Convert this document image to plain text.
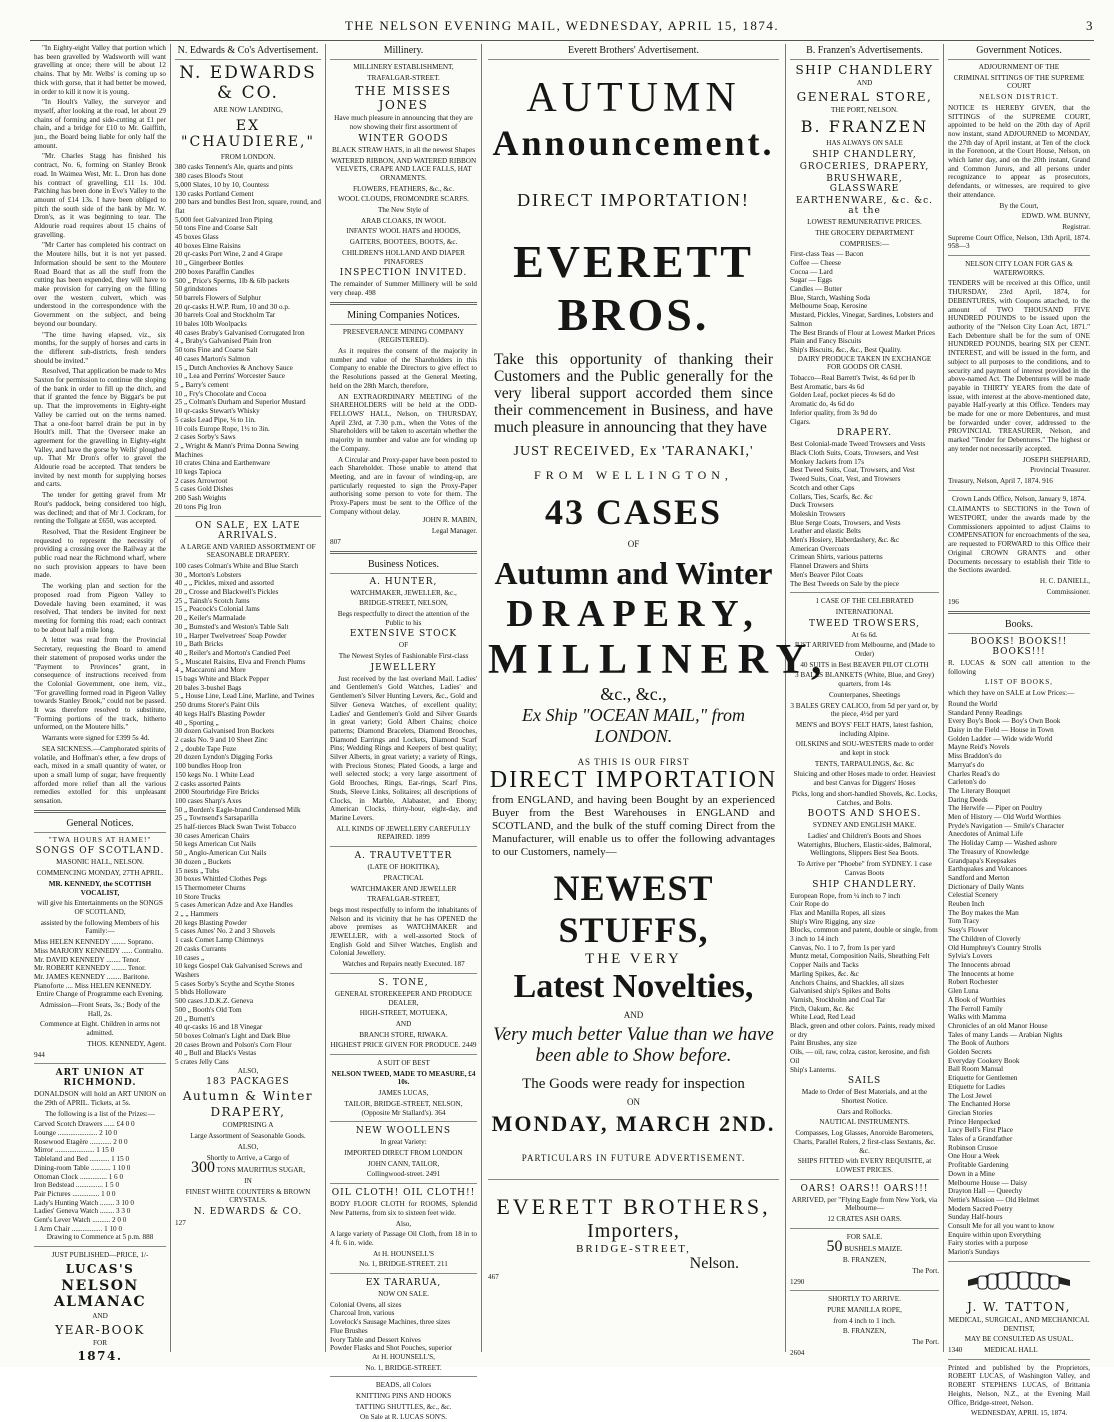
THE NELSON EVENING MAIL, WEDNESDAY, APRIL 15, 1874.	3
"In Eighty-eight Valley that portion which has been gravelled by Wadsworth will want gravelling at once; there will be about 12 chains. That by Mr. Welbs' is coming up so thick with gorse, that it had better be mowed, in order to kill it now it is young.
"In Hoult's Valley, the surveyor and myself, after looking at the road, let about 29 chains of forming and side-cutting at £1 per chain, and a bridge for £10 to Mr. Gaiffith, jun., the Board being liable for only half the amount.
"Mr. Charles Stagg has finished his contract, No. 6, forming on Stanley Brook road. In Waimea West, Mr. L. Dron has done his contract of gravelling, £11 1s. 10d. Patching has been done in Eve's Valley to the amount of £14 13s. I have been obliged to pitch the south side of the bank by Mr. W. Dron's, as it was beginning to tear. The Aldourie road requires about 15 chains of gravelling.
"Mr Carter has completed his contract on the Moutere hills, but it is not yet passed. Information should be sent to the Moutere Road Board that as all the stuff from the cutting has been expended, they will have to make provision for carrying on the filling over the western culvert, which was understood in the correspondence with the Government on the subject, and being beyond our boundary.
"The time having elapsed, viz., six months, for the supply of horses and carts in the different sub-districts, fresh tenders should be invited."
Resolved, That application be made to Mrs Saxton for permission to continue the sloping of the bank in order to fill up the ditch, and that if granted the fence by Biggar's be put up. That the improvements in Eighty-eight Valley be carried out on the terms named. That a one-foot barrel drain be put in by Hoult's mill. That the Overseer make an agreement for the gravelling in Eighty-eight Valley, and have the gorse by Wells' ploughed up. That Mr Dron's offer to gravel the Aldourie road be accepted. That tenders be invited by next month for supplying horses and carts.
The tender for getting gravel from Mr Rout's paddock, being considered too high, was declined; and that of Mr J. Cockram, for renting the Tollgate at £650, was accepted.
Resolved, That the Resident Engineer be requested to represent the necessity of providing a crossing over the Railway at the public road near the Richmond wharf, where no such provision appears to have been made.
The working plan and section for the proposed road from Pigeon Valley to Dovedale having been examined, it was resolved, That tenders be invited for next meeting for forming this road; each contract to be about half a mile long.
A letter was read from the Provincial Secretary, requesting the Board to amend their statement of proposed works under the "Payment to Provinces" grant, in consequence of instructions received from the Colonial Government, one item, viz., "For gravelling formed road in Pigeon Valley towards Stanley Brook," could not be passed. It was therefore resolved to substitute, "Forming portions of the track, hitherto unformed, on the Moutere hills."
Warrants were signed for £399 5s 4d.
SEA SICKNESS.—Camphorated spirits of volatile, and Hoffman's ether, a few drops of each, mixed in a small quantity of water, or upon a small lump of sugar, have frequently afforded more relief than all the various remedies extolled for this unpleasant sensation.
General Notices.
"TWA HOURS AT HAME!"
SONGS OF SCOTLAND.
MASONIC HALL, NELSON.
COMMENCING MONDAY, 27TH APRIL.
MR. KENNEDY, the SCOTTISH VOCALIST,
will give his Entertainments on the SONGS OF SCOTLAND,
assisted by the following Members of his Family:—
Miss HELEN KENNEDY ........ Soprano.
Miss MARJORY KENNEDY ...... Contralto.
Mr. DAVID KENNEDY ........ Tenor.
Mr. ROBERT KENNEDY ........ Tenor.
Mr. JAMES KENNEDY ........ Baritone.
Pianoforte .... Miss HELEN KENNEDY.
Entire Change of Programme each Evening.
Admission—Front Seats, 3s.; Body of the Hall, 2s.
Commence at Eight. Children in arms not admitted.
THOS. KENNEDY, Agent.
944
ART UNION AT RICHMOND.
DONALDSON will hold an ART UNION on the 29th of APRIL. Tickets, at 5s.
The following is a list of the Prizes:—
Carved Scotch Drawers ...... £4 0 0
Lounge ...................... 2 10 0
Rosewood Etagère ............ 2 0 0
Mirror ...................... 1 15 0
Tableland and Bed ........... 1 15 0
Dining-room Table ........... 1 10 0
Ottoman Clock ............... 1 6 0
Iron Bedstead ............... 1 5 0
Pair Pictures ............... 1 0 0
Lady's Hunting Watch ........ 3 10 0
Ladies' Geneva Watch ........ 3 3 0
Gent's Lever Watch .......... 2 0 0
1 Arm Chair ................. 1 10 0
Drawing to Commence at 5 p.m. 888
JUST PUBLISHED—PRICE, 1/-
LUCAS'S
NELSON ALMANAC
AND
YEAR-BOOK
FOR
1874.
N. Edwards & Co's Advertisement.
N. EDWARDS & CO.
ARE NOW LANDING,
EX "CHAUDIERE,"
FROM LONDON.
380 casks Tennent's Ale, quarts and pints
380 cases Blood's Stout
5,000 Slates, 10 by 10, Countess
130 casks Portland Cement
200 bars and bundles Best Iron, square, round, and flat
5,000 feet Galvanized Iron Piping
50 tons Fine and Coarse Salt
45 boxes Glass
40 boxes Elme Raisins
20 qr-casks Port Wine, 2 and 4 Grape
10 „ Gingerbeer Bottles
200 boxes Paraffin Candles
500 „ Price's Sperms, 1lb & 6lb packets
50 grindstones
50 barrels Flowers of Sulphur
20 qr-casks H.W.P. Rum, 10 and 30 o.p.
30 barrels Coal and Stockholm Tar
10 bales 10lb Woolpacks
40 cases Braby's Galvanised Corrugated Iron
4 „ Braby's Galvanised Plain Iron
50 tons Fine and Coarse Salt
40 cases Marton's Salmon
15 „ Dutch Anchovies & Anchovy Sauce
10 „ Lea and Perrins' Worcester Sauce
5 „ Barry's cement
10 „ Fry's Chocolate and Cocoa
25 „ Colman's Durham and Superior Mustard
10 qr-casks Stewart's Whisky
5 casks Lead Pipe, ⅛ to 1in.
10 coils Europe Rope, 1½ to 3in.
2 cases Sorby's Saws
2 „ Wright & Mann's Prima Donna Sewing Machines
10 crates China and Earthenware
10 kegs Tapioca
2 cases Arrowroot
5 cases Gold Dishes
200 Sash Weights
20 tons Pig Iron
ON SALE, EX LATE ARRIVALS.
A LARGE AND VARIED ASSORTMENT OF SEASONABLE DRAPERY.
100 cases Colman's White and Blue Starch
30 „ Morton's Lobsters
40 „ „ Pickles, mixed and assorted
20 „ Crosse and Blackwell's Pickles
25 „ Tainsh's Scotch Jams
15 „ Peacock's Colonial Jams
20 „ Keiler's Marmalade
30 „ Bumsted's and Weston's Table Salt
10 „ Harper Twelvetrees' Soap Powder
10 „ Bath Bricks
40 „ Reiler's and Morton's Candied Peel
5 „ Muscatel Raisins, Elva and French Plums
4 „ Maccaroni and More
15 bags White and Black Pepper
20 bales 3-bushel Bags
5 „ House Line, Lead Line, Marline, and Twines
250 drums Storer's Paint Oils
40 kegs Hall's Blasting Powder
40 „ Sporting „
30 dozen Galvanised Iron Buckets
2 casks No. 9 and 10 Sheet Zinc
2 „ double Tape Fuze
20 dozen Lyndon's Digging Forks
100 bundles Hoop Iron
150 kegs No. 1 White Lead
2 casks assorted Paints
2000 Stourbridge Fire Bricks
100 cases Sharp's Axes
50 „ Borden's Eagle-brand Condensed Milk
25 „ Townsend's Sarsaparilla
25 half-tierces Black Swan Twist Tobacco
30 cases American Chairs
50 kegs American Cut Nails
50 „ Anglo-American Cut Nails
30 dozen „ Buckets
15 nests „ Tubs
30 boxes Whittled Clothes Pegs
15 Thermometer Churns
10 Store Trucks
5 cases American Adze and Axe Handles
2 „ „ Hammers
20 kegs Blasting Powder
5 cases Ames' No. 2 and 3 Shovels
1 cask Comet Lamp Chimneys
20 casks Currants
10 cases „
10 kegs Gospel Oak Galvanised Screws and Washers
5 cases Sorby's Scythe and Scythe Stones
5 bhds Holloware
500 cases J.D.K.Z. Geneva
500 „ Booth's Old Tom
20 „ Burnett's
40 qr-casks 16 and 18 Vinegar
50 boxes Colman's Light and Dark Blue
20 cases Brown and Polson's Corn Flour
40 „ Bull and Black's Vestas
5 crates Jelly Cans
ALSO,
183 PACKAGES
Autumn & Winter
DRAPERY,
COMPRISING A
Large Assortment of Seasonable Goods.
ALSO,
Shortly to Arrive, a Cargo of
300 TONS MAURITIUS SUGAR,
IN
FINEST WHITE COUNTERS & BROWN CRYSTALS.
N. EDWARDS & CO.
127
Millinery.
MILLINERY ESTABLISHMENT,
TRAFALGAR-STREET.
THE MISSES JONES
Have much pleasure in announcing that they are now showing their first assortment of
WINTER GOODS
BLACK STRAW HATS, in all the newest Shapes
WATERED RIBBON, AND WATERED RIBBON VELVETS, CRAPE AND LACE FALLS, HAT ORNAMENTS.
FLOWERS, FEATHERS, &c., &c.
WOOL CLOUDS, FROMONDRE SCARFS.
The New Style of
ARAB CLOAKS, IN WOOL
INFANTS' WOOL HATS and HOODS,
GAITERS, BOOTEES, BOOTS, &c.
CHILDREN'S HOLLAND AND DIAPER PINAFORES
INSPECTION INVITED.
The remainder of Summer Millinery will be sold very cheap. 498
Mining Companies Notices.
PRESEVERANCE MINING COMPANY (REGISTERED).
As it requires the consent of the majority in number and value of the Shareholders in this Company to enable the Directors to give effect to the Resolutions passed at the General Meeting, held on the 28th March, therefore,
AN EXTRAORDINARY MEETING of the SHAREHOLDERS will be held at the ODD-FELLOWS' HALL, Nelson, on THURSDAY, April 23rd, at 7.30 p.m., when the Votes of the Shareholders will be taken to ascertain whether the majority in number and value are for winding up the Company.
A Circular and Proxy-paper have been posted to each Shareholder. Those unable to attend that Meeting, and are in favour of winding-up, are particularly requested to sign the Proxy-Paper authorising some person to vote for them. The Proxy-Papers must be sent to the Office of the Company without delay.
JOHN R. MABIN,
Legal Manager.
807
Business Notices.
A. HUNTER,
WATCHMAKER, JEWELLER, &c.,
BRIDGE-STREET, NELSON,
Begs respectfully to direct the attention of the Public to his
EXTENSIVE STOCK
OF
The Newest Styles of Fashionable First-class
JEWELLERY
Just received by the last overland Mail. Ladies' and Gentlemen's Gold Watches, Ladies' and Gentlemen's Silver Hunting Levers, &c., Gold and Silver Geneva Watches, of excellent quality; Ladies' and Gentlemen's Gold and Silver Guards in great variety; Gold Albert Chains; choice patterns; Diamond Bracelets, Diamond Brooches, Diamond Earrings and Lockets, Diamond Scarf Pins; Wedding Rings and Keepers of best quality; Silver Alberts, in great variety; a variety of Rings, with Precious Stones; Plated Goods, a large and well selected stock; a very large assortment of Gold Brooches, Rings, Ear-rings, Scarf Pins, Studs, Sleeve Links, Solitaires; all descriptions of Clocks, in Marble, Alabaster, and Ebony; American Clocks, thirty-hour, eight-day, and Marine Levers.
ALL KINDS OF JEWELLERY CAREFULLY REPAIRED. 1899
A. TRAUTVETTER
(LATE OF HOKITIKA),
PRACTICAL
WATCHMAKER AND JEWELLER
TRAFALGAR-STREET,
begs most respectfully to inform the inhabitants of Nelson and its vicinity that he has OPENED the above premises as WATCHMAKER and JEWELLER, with a well-assorted Stock of English Gold and Silver Watches, English and Colonial Jewellery.
Watches and Repairs neatly Executed. 187
S. TONE,
GENERAL STOREKEEPER AND PRODUCE DEALER,
HIGH-STREET, MOTUEKA,
AND
BRANCH STORE, RIWAKA.
HIGHEST PRICE GIVEN FOR PRODUCE. 2449
A SUIT OF BEST
NELSON TWEED, MADE TO MEASURE, £4 10s.
JAMES LUCAS,
TAILOR, BRIDGE-STREET, NELSON, (Opposite Mr Stallard's). 364
NEW WOOLLENS
In great Variety:
IMPORTED DIRECT FROM LONDON
JOHN CANN, TAILOR,
Collingwood-street. 2491
OIL CLOTH! OIL CLOTH!!
BODY FLOOR CLOTH for ROOMS, Splendid New Patterns, from six to sixteen feet wide.
Also,
A large variety of Passage Oil Cloth, from 18 in to 4 ft. 6 in. wide.
At H. HOUNSELL'S
No. 1, BRIDGE-STREET. 211
EX TARARUA,
NOW ON SALE.
Colonial Ovens, all sizes
Charcoal Iron, various
Lovelock's Sausage Machines, three sizes
Flue Brushes
Ivory Table and Dessert Knives
Powder Flasks and Shot Pouches, superior
At H. HOUNSELL'S,
No. 1, BRIDGE-STREET.
BEADS, all Colors
KNITTING PINS AND HOOKS
TATTING SHUTTLES, &c., &c.
On Sale at R. LUCAS SON'S.
Everett Brothers' Advertisement.
AUTUMN
Announcement.
DIRECT IMPORTATION!
EVERETT BROS.
Take this opportunity of thanking their Customers and the Public generally for the very liberal support accorded them since their commencement in Business, and have much pleasure in announcing that they have
JUST RECEIVED, Ex 'TARANAKI,'
FROM WELLINGTON,
43 CASES
OF
Autumn and Winter
DRAPERY,
MILLINERY,
&c., &c.,
Ex Ship "OCEAN MAIL," from LONDON.
AS THIS IS OUR FIRST
DIRECT IMPORTATION
from ENGLAND, and having been Bought by an experienced Buyer from the Best Warehouses in ENGLAND and SCOTLAND, and the bulk of the stuff coming Direct from the Manufacturer, will enable us to offer the following advantages to our Customers, namely—
NEWEST STUFFS,
THE VERY
Latest Novelties,
AND
Very much better Value than we have been able to Show before.
The Goods were ready for inspection
ON
MONDAY, MARCH 2ND.
PARTICULARS IN FUTURE ADVERTISEMENT.
EVERETT BROTHERS,
Importers,
BRIDGE-STREET,
Nelson.
467
B. Franzen's Advertisements.
SHIP CHANDLERY
AND
GENERAL STORE,
THE PORT, NELSON.
B. FRANZEN
HAS ALWAYS ON SALE
SHIP CHANDLERY,
GROCERIES, DRAPERY,
BRUSHWARE, GLASSWARE
EARTHENWARE, &c. &c. at the
LOWEST REMUNERATIVE PRICES.
THE GROCERY DEPARTMENT
COMPRISES:—
First-class Teas — Bacon
Coffee — Cheese
Cocoa — Lard
Sugar — Eggs
Candles — Butter
Blue, Starch, Washing Soda
Melbourne Soap, Kerosine
Mustard, Pickles, Vinegar, Sardines, Lobsters and Salmon
The Best Brands of Flour at Lowest Market Prices
Plain and Fancy Biscuits
Ship's Biscuits, &c., &c., Best Quality.
DAIRY PRODUCE TAKEN IN EXCHANGE FOR GOODS OR CASH.
Tobacco—Real Barrett's Twist, 4s 6d per lb
Best Aromatic, bars 4s 6d
Golden Leaf, pocket pieces 4s 6d do
Aromatic do, 4s 6d do
Inferior quality, from 3s 9d do
Cigars.
DRAPERY.
Best Colonial-made Tweed Trowsers and Vests
Black Cloth Suits, Coats, Trowsers, and Vest
Monkey Jackets from 17s
Best Tweed Suits, Coat, Trowsers, and Vest
Tweed Suits, Coat, Vest, and Trowsers
Scotch and other Caps
Collars, Ties, Scarfs, &c. &c
Duck Trowsers
Moleskin Trowsers
Blue Serge Coats, Trowsers, and Vests
Leather and elastic Belts
Men's Hosiery, Haberdashery, &c. &c
American Overcoats
Crimean Shirts, various patterns
Flannel Drawers and Shirts
Men's Beaver Pilot Coats
The Best Tweeds on Sale by the piece
1 CASE OF THE CELEBRATED
INTERNATIONAL
TWEED TROWSERS,
At 6s 6d.
JUST ARRIVED from Melbourne, and (Made to Order)
40 SUITS in Best BEAVER PILOT CLOTH
3 BALES BLANKETS (White, Blue, and Grey) quarters, from 14s
Counterpanes, Sheetings
3 BALES GREY CALICO, from 5d per yard or, by the piece, 4½d per yard
MEN'S and BOYS' FELT HATS, latest fashion, including Alpine.
OILSKINS and SOU-WESTERS made to order and kept in stock
TENTS, TARPAULINGS, &c. &c
Sluicing and other Hoses made to order. Heaviest and best Canvas for Diggers' Hoses
Picks, long and short-handled Shovels, &c. Locks, Catches, and Bolts.
BOOTS AND SHOES.
SYDNEY AND ENGLISH MAKE.
Ladies' and Children's Boots and Shoes Watertights, Bluchers, Elastic-sides, Balmoral, Wellingtons, Slippers Best Sea Boots.
To Arrive per "Phoebe" from SYDNEY. 1 case Canvas Boots
SHIP CHANDLERY.
European Rope, from ¼ inch to 7 inch
Coir Rope do
Flax and Manilla Ropes, all sizes
Ship's Wire Rigging, any size
Blocks, common and patent, double or single, from 3 inch to 14 inch
Canvas, No. 1 to 7, from 1s per yard
Muntz metal, Composition Nails, Sheathing Felt
Copper Nails and Tacks
Marling Spikes, &c. &c
Anchors Chains, and Shackles, all sizes
Galvanised ship's Spikes and Bolts
Varnish, Stockholm and Coal Tar
Pitch, Oakum, &c. &c
White Lead, Red Lead
Black, green and other colors. Paints, ready mixed or dry
Paint Brushes, any size
Oils, — oil, raw, colza, castor, kerosine, and fish Oil
Ship's Lanterns.
SAILS
Made to Order of Best Materials, and at the Shortest Notice.
Oars and Rollocks.
NAUTICAL INSTRUMENTS.
Compasses, Log Glasses, Anoroide Barometers, Charts, Parallel Rulers, 2 first-class Sextants, &c. &c.
SHIPS FITTED with EVERY REQUISITE, at LOWEST PRICES.
OARS! OARS!! OARS!!!
ARRIVED, per "Flying Eagle from New York, via Melbourne—
12 CRATES ASH OARS.
FOR SALE.
50 BUSHELS MAIZE.
B. FRANZEN,
The Port.
1290
SHORTLY TO ARRIVE.
PURE MANILLA ROPE,
from 4 inch to 1 inch.
B. FRANZEN,
The Port.
2604
Government Notices.
ADJOURNMENT OF THE
CRIMINAL SITTINGS OF THE SUPREME COURT
NELSON DISTRICT.
NOTICE IS HEREBY GIVEN, that the SITTINGS of the SUPREME COURT, appointed to be held on the 20th day of April now instant, stand ADJOURNED to MONDAY, the 27th day of April instant, at Ten of the clock in the Forenoon, at the Court House, Nelson, on which latter day, and on the 20th instant, Grand and Common Jurors, and all persons under recognizance to appear as prosecutors, defendants, or witnesses, are required to give their attendance.
By the Court,
EDWD. WM. BUNNY,
Registrar.
Supreme Court Office, Nelson, 13th April, 1874. 958—3
NELSON CITY LOAN FOR GAS & WATERWORKS.
TENDERS will be received at this Office, until THURSDAY, 23rd April, 1874, for DEBENTURES, with Coupons attached, to the amount of TWO THOUSAND FIVE HUNDRED POUNDS to be issued upon the authority of the "Nelson City Loan Act, 1871." Each Debenture shall be for the sum of ONE HUNDRED POUNDS, bearing SIX per CENT. INTEREST, and will be issued in the form, and subject to all purposes to the conditions, and to security and payment of interest provided in the above-named Act. The Debentures will be made payable in THIRTY YEARS from the date of issue, with interest at the above-mentioned date, payable Half-yearly at this Office. Tenders may be made for one or more Debentures, and must be forwarded under cover, addressed to the PROVINCIAL TREASURER, Nelson, and marked "Tender for Debentures." The highest or any tender not necessarily accepted.
JOSEPH SHEPHARD,
Provincial Treasurer.
Treasury, Nelson, April 7, 1874. 916
Crown Lands Office, Nelson, January 9, 1874.
CLAIMANTS to SECTIONS in the Town of WESTPORT, under the awards made by the Commissioners appointed to adjust Claims to COMPENSATION for encroachments of the sea, are requested to FORWARD to this Office their Original CROWN GRANTS and other Documents necessary to establish their Title to the Sections awarded.
H. C. DANIELL,
Commissioner.
196
Books.
BOOKS! BOOKS!! BOOKS!!!
R. LUCAS & SON call attention to the following
LIST OF BOOKS,
which they have on SALE at Low Prices:—
Round the World
Standard Penny Readings
Every Boy's Book — Boy's Own Book
Daisy in the Field — House in Town
Golden Ladder — Wide wide World
Mayne Reid's Novels
Miss Braddon's do
Marryat's do
Charles Read's do
Carleton's do
The Literary Bouquet
Daring Deeds
The Herwife — Piper on Poultry
Men of History — Old World Worthies
Pryde's Navigation — Smile's Character
Anecdotes of Animal Life
The Holiday Camp — Washed ashore
The Treasury of Knowledge
Grandpapa's Keepsakes
Earthquakes and Volcanoes
Sandford and Merton
Dictionary of Daily Wants
Celestial Scenery
Reuben Inch
The Boy makes the Man
Tom Tracy
Susy's Flower
The Children of Cloverly
Old Humphrey's Country Strolls
Sylvia's Lovers
The Innocents abroad
The Innocents at home
Robert Rochester
Glen Luna
A Book of Worthies
The Ferroll Family
Walks with Mamma
Chronicles of an old Manor House
Tales of many Lands — Arabian Nights
The Book of Authors
Golden Secrets
Everyday Cookery Book
Ball Room Manual
Etiquette for Gentlemen
Etiquette for Ladies
The Lost Jewel
The Enchanted Horse
Grecian Stories
Prince Henpecked
Lucy Bell's First Place
Tales of a Grandfather
Robinson Crusoe
One Hour a Week
Profitable Gardening
Down in a Mine
Melbourne House — Daisy
Drayton Hall — Queechy
Nettie's Mission — Old Helmet
Modern Sacred Poetry
Sunday Half-hours
Consult Me for all you want to know
Enquire within upon Everything
Fairy stories with a purpose
Marion's Sundays
J. W. TATTON,
MEDICAL, SURGICAL, AND MECHANICAL DENTIST,
MAY BE CONSULTED AS USUAL.
1340	MEDICAL HALL
Printed and published by the Proprietors, ROBERT LUCAS, of Washington Valley, and ROBERT STEPHENS LUCAS, of Brittania Heights, Nelson, N.Z., at the Evening Mail Office, Bridge-street, Nelson.
WEDNESDAY, APRIL 15, 1874.
